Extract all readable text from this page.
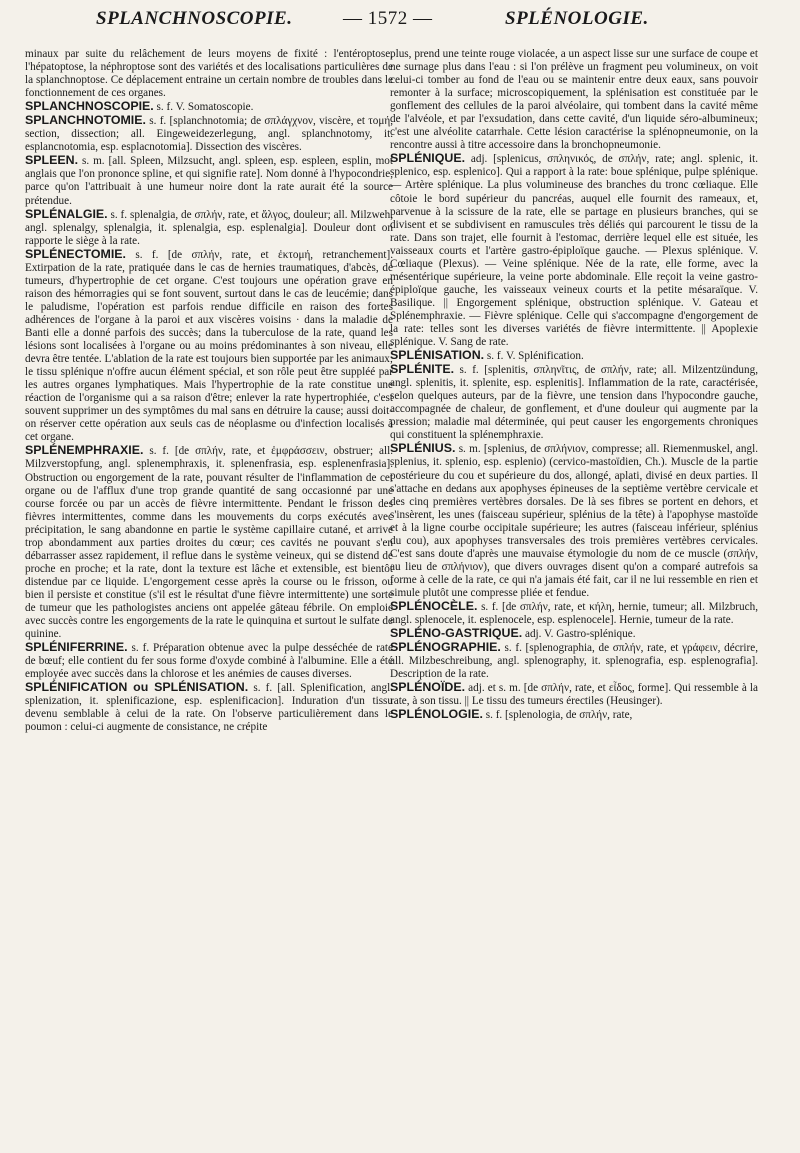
SPLANCHNOSCOPIE.	— 1572 —	SPLÉNOLOGIE.

minaux par suite du relâchement de leurs moyens de fixité : l'entéroptose, l'hépatoptose, la néphroptose sont des variétés et des localisations particulières de la splanchnoptose. Ce déplacement entraine un certain nombre de troubles dans le fonctionnement de ces organes.

SPLANCHNOSCOPIE. s. f. V. Somatoscopie.

SPLANCHNOTOMIE. s. f. [splanchnotomia; de σπλάγχνον, viscère, et τομή, section, dissection; all. Eingeweidezerlegung, angl. splanchnotomy, it. esplancnotomia, esp. esplacnotomia]. Dissection des viscères.

SPLEEN. s. m. [all. Spleen, Milzsucht, angl. spleen, esp. espleen, esplin, mot anglais que l'on prononce spline, et qui signifie rate]. Nom donné à l'hypocondrie, parce qu'on l'attribuait à une humeur noire dont la rate aurait été la source prétendue.

SPLÉNALGIE. s. f. splenalgia, de σπλήν, rate, et ἄλγος, douleur; all. Milzweh, angl. splenalgy, splenalgia, it. splenalgia, esp. esplenalgia]. Douleur dont on rapporte le siège à la rate.

SPLÉNECTOMIE. s. f. [de σπλήν, rate, et ἐκτομή, retranchement]. Extirpation de la rate, pratiquée dans le cas de hernies traumatiques, d'abcès, de tumeurs, d'hypertrophie de cet organe. C'est toujours une opération grave en raison des hémorragies qui se font souvent, surtout dans le cas de leucémie; dans le paludisme, l'opération est parfois rendue difficile en raison des fortes adhérences de l'organe à la paroi et aux viscères voisins · dans la maladie de Banti elle a donné parfois des succès; dans la tuberculose de la rate, quand les lésions sont localisées à l'organe ou au moins prédominantes à son niveau, elle devra être tentée. L'ablation de la rate est toujours bien supportée par les animaux; le tissu splénique n'offre aucun élément spécial, et son rôle peut être suppléé par les autres organes lymphatiques. Mais l'hypertrophie de la rate constitue une réaction de l'organisme qui a sa raison d'être; enlever la rate hypertrophiée, c'est souvent supprimer un des symptômes du mal sans en détruire la cause; aussi doit-on réserver cette opération aux seuls cas de néoplasme ou d'infection localisés à cet organe.

SPLÉNEMPHRAXIE. s. f. [de σπλήν, rate, et ἐμφράσσειν, obstruer; all. Milzverstopfung, angl. splenemphraxis, it. splenenfrasia, esp. esplenenfrasia]. Obstruction ou engorgement de la rate, pouvant résulter de l'inflammation de cet organe ou de l'afflux d'une trop grande quantité de sang occasionné par une course forcée ou par un accès de fièvre intermittente. Pendant le frisson des fièvres intermittentes, comme dans les mouvements du corps exécutés avec précipitation, le sang abandonne en partie le système capillaire cutané, et arrive trop abondamment aux parties droites du cœur; ces cavités ne pouvant s'en débarrasser assez rapidement, il reflue dans le système veineux, qui se distend de proche en proche; et la rate, dont la texture est lâche et extensible, est bientôt distendue par ce liquide. L'engorgement cesse après la course ou le frisson, ou bien il persiste et constitue (s'il est le résultat d'une fièvre intermittente) une sorte de tumeur que les pathologistes anciens ont appelée gâteau fébrile. On emploie avec succès contre les engorgements de la rate le quinquina et surtout le sulfate de quinine.

SPLÉNIFERRINE. s. f. Préparation obtenue avec la pulpe desséchée de rate de bœuf; elle contient du fer sous forme d'oxyde combiné à l'albumine. Elle a été employée avec succès dans la chlorose et les anémies de causes diverses.

SPLÉNIFICATION ou SPLÉNISATION. s. f. [all. Splenification, angl. splenization, it. splenificazione, esp. esplenificacion]. Induration d'un tissu devenu semblable à celui de la rate. On l'observe particulièrement dans le poumon : celui-ci augmente de consistance, ne crépite

plus, prend une teinte rouge violacée, a un aspect lisse sur une surface de coupe et ne surnage plus dans l'eau : si l'on prélève un fragment peu volumineux, on voit celui-ci tomber au fond de l'eau ou se maintenir entre deux eaux, sans pouvoir remonter à la surface; microscopiquement, la splénisation est constituée par le gonflement des cellules de la paroi alvéolaire, qui tombent dans la cavité même de l'alvéole, et par l'exsudation, dans cette cavité, d'un liquide séro-albumineux; c'est une alvéolite catarrhale. Cette lésion caractérise la splénopneumonie, on la rencontre aussi à titre accessoire dans la bronchopneumonie.

SPLÉNIQUE. adj. [splenicus, σπληνικός, de σπλήν, rate; angl. splenic, it. splenico, esp. esplenico]. Qui a rapport à la rate: boue splénique, pulpe splénique. — Artère splénique. La plus volumineuse des branches du tronc cœliaque. Elle côtoie le bord supérieur du pancréas, auquel elle fournit des rameaux, et, parvenue à la scissure de la rate, elle se partage en plusieurs branches, qui se divisent et se subdivisent en ramuscules très déliés qui parcourent le tissu de la rate. Dans son trajet, elle fournit à l'estomac, derrière lequel elle est située, les vaisseaux courts et l'artère gastro-épiploïque gauche. — Plexus splénique. V. Cœliaque (Plexus). — Veine splénique. Née de la rate, elle forme, avec la mésentérique supérieure, la veine porte abdominale. Elle reçoit la veine gastro-épiploïque gauche, les vaisseaux veineux courts et la petite mésaraïque. V. Basilique. || Engorgement splénique, obstruction splénique. V. Gateau et Splénemphraxie. — Fièvre splénique. Celle qui s'accompagne d'engorgement de la rate: telles sont les diverses variétés de fièvre intermittente. || Apoplexie splénique. V. Sang de rate.

SPLÉNISATION. s. f. V. Splénification.

SPLÉNITE. s. f. [splenitis, σπληνῖτις, de σπλήν, rate; all. Milzentzündung, angl. splenitis, it. splenite, esp. esplenitis]. Inflammation de la rate, caractérisée, selon quelques auteurs, par de la fièvre, une tension dans l'hypocondre gauche, accompagnée de chaleur, de gonflement, et d'une douleur qui augmente par la pression; maladie mal déterminée, qui peut causer les engorgements chroniques qui constituent la splénemphraxie.

SPLÉNIUS. s. m. [splenius, de σπλήνιον, compresse; all. Riemenmuskel, angl. splenius, it. splenio, esp. esplenio) (cervico-mastoïdien, Ch.). Muscle de la partie postérieure du cou et supérieure du dos, allongé, aplati, divisé en deux parties. Il s'attache en dedans aux apophyses épineuses de la septième vertèbre cervicale et des cinq premières vertèbres dorsales. De là ses fibres se portent en dehors, et s'insèrent, les unes (faisceau supérieur, splénius de la tête) à l'apophyse mastoïde et à la ligne courbe occipitale supérieure; les autres (faisceau inférieur, splénius du cou), aux apophyses transversales des trois premières vertèbres cervicales. C'est sans doute d'après une mauvaise étymologie du nom de ce muscle (σπλήν, au lieu de σπλήνιον), que divers ouvrages disent qu'on a comparé autrefois sa forme à celle de la rate, ce qui n'a jamais été fait, car il ne lui ressemble en rien et simule plutôt une compresse pliée et fendue.

SPLÉNOCÈLE. s. f. [de σπλήν, rate, et κήλη, hernie, tumeur; all. Milzbruch, angl. splenocele, it. esplenocele, esp. esplenocele]. Hernie, tumeur de la rate.

SPLÉNO-GASTRIQUE. adj. V. Gastro-splénique.

SPLÉNOGRAPHIE. s. f. [splenographia, de σπλήν, rate, et γράφειν, décrire, all. Milzbeschreibung, angl. splenography, it. splenografia, esp. esplenografia]. Description de la rate.

SPLÉNOÏDE. adj. et s. m. [de σπλήν, rate, et εἶδος, forme]. Qui ressemble à la rate, à son tissu. || Le tissu des tumeurs érectiles (Heusinger).

SPLÉNOLOGIE. s. f. [splenologia, de σπλήν, rate,
